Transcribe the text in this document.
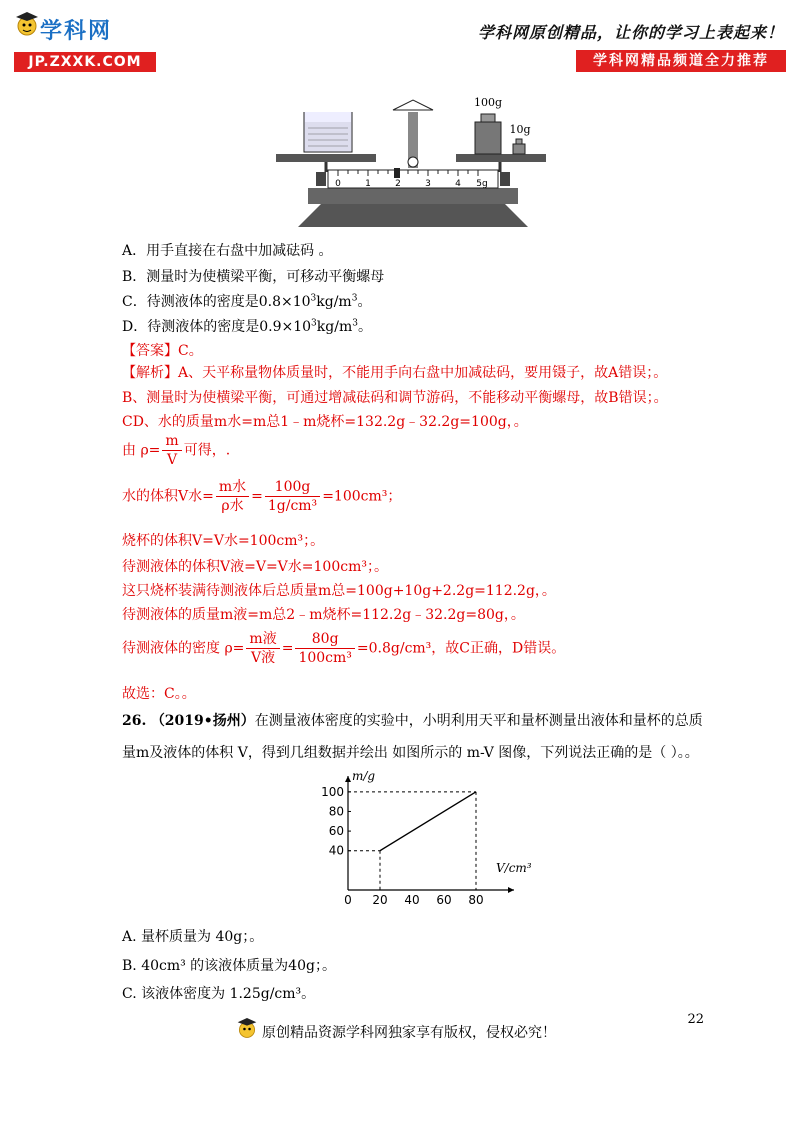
学科网
JP.ZXXK.COM
学科网原创精品，让你的学习上表起来！
学科网精品频道全力推荐
0	1	2	3	4 5g
100g
10g
A．用手直接在右盘中加减砝码 。
B．测量时为使横梁平衡，可移动平衡螺母
C．待测液体的密度是$0.8\times 10^3kg/m^3$。
D．待测液体的密度是$0.9\times 10^3kg/m^3$。
【答案】C。
【解析】A、天平称量物体质量时，不能用手向右盘中加减砝码，要用镊子，故A错误；。
B、测量时为使横梁平衡，可通过增减砝码和调节游码，不能移动平衡螺母，故B错误；。
CD、水的质量m水=m总1﹣m烧杯=132.2g﹣32.2g=100g，。
由 $\rho= \frac{m}{V}$ 可得，.
水的体积V水= $\frac{\text{m水}}{\text{ρ水}} = \frac{100g}{\text{1g/cm³}} =100cm^3$；
烧杯的体积V=V水=100cm³；。
待测液体的体积V液=V=V水=100cm³；。
这只烧杯装满待测液体后总质量m总=100g+10g+2.2g=112.2g，。
待测液体的质量m液=m总2﹣m烧杯=112.2g﹣32.2g=80g，。
待测液体的密度 $\rho= \frac{\text{m液}}{\text{V液}} = \frac{80g}{\text{100cm³}} =0.8g/cm^3$，故C正确，D错误。
故选：C。。
26. （2019•扬州）在测量液体密度的实验中，小明利用天平和量杯测量出液体和量杯的总质
量m及液体的体积 V，得到几组数据并绘出 如图所示的 m-V 图像，下列说法正确的是（ ）。。
0 20 40 60 80
40
60
80
100
m/g
V/cm³
A. 量杯质量为 40g；。
B. 40cm³ 的该液体质量为40g；。
C. 该液体密度为 1.25g/cm³。
22
原创精品资源学科网独家享有版权，侵权必究！
